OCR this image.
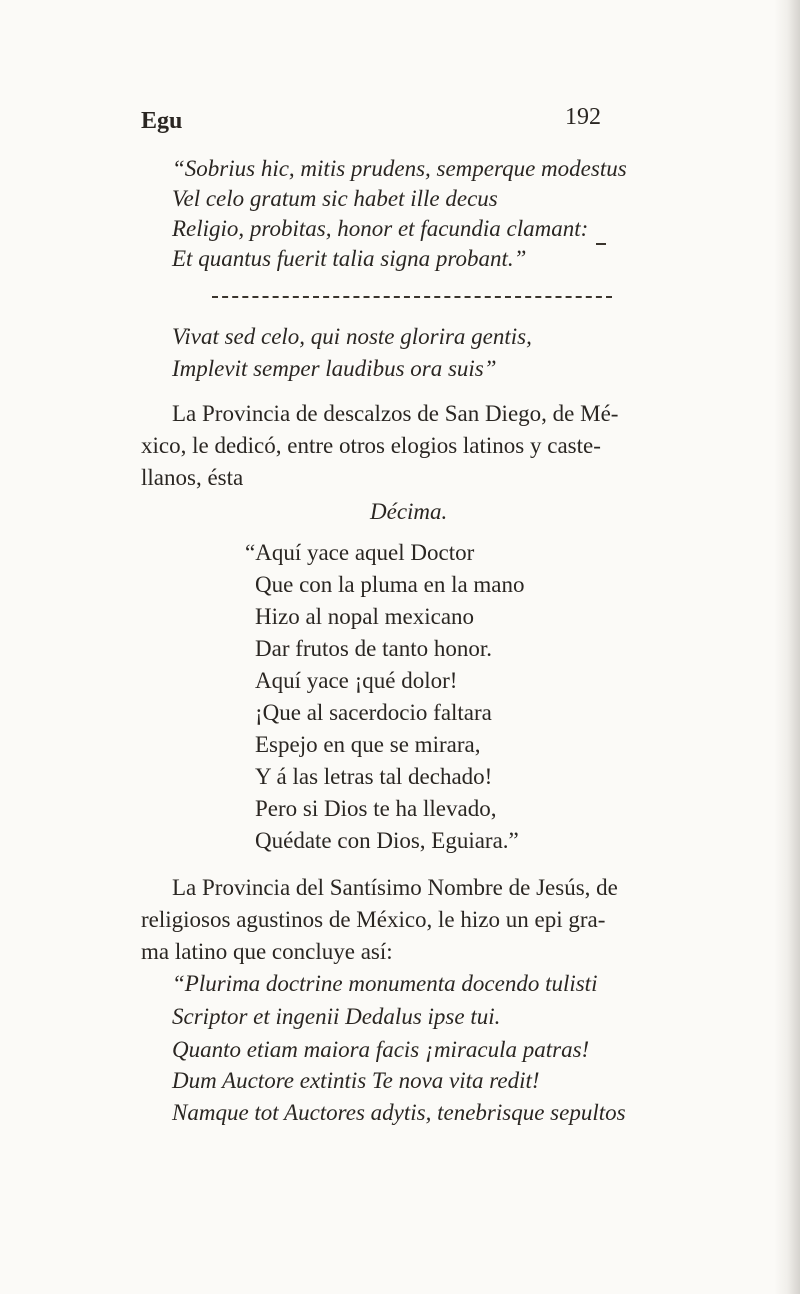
Egu	192
“Sobrius hic, mitis prudens, semperque modestus
Vel celo gratum sic habet ille decus
Religio, probitas, honor et facundia clamant:
Et quantus fuerit talia signa probant.”
Vivat sed celo, qui noste glorira gentis,
Implevit semper laudibus ora suis”
La Provincia de descalzos de San Diego, de Mé-
xico, le dedicó, entre otros elogios latinos y caste-
llanos, ésta
Décima.
“Aquí yace aquel Doctor
Que con la pluma en la mano
Hizo al nopal mexicano
Dar frutos de tanto honor.
Aquí yace ¡qué dolor!
¡Que al sacerdocio faltara
Espejo en que se mirara,
Y á las letras tal dechado!
Pero si Dios te ha llevado,
Quédate con Dios, Eguiara.”
La Provincia del Santísimo Nombre de Jesús, de
religiosos agustinos de México, le hizo un epi gra-
ma latino que concluye así:
“Plurima doctrine monumenta docendo tulisti
Scriptor et ingenii Dedalus ipse tui.
Quanto etiam maiora facis ¡miracula patras!
Dum Auctore extintis Te nova vita redit!
Namque tot Auctores adytis, tenebrisque sepultos
